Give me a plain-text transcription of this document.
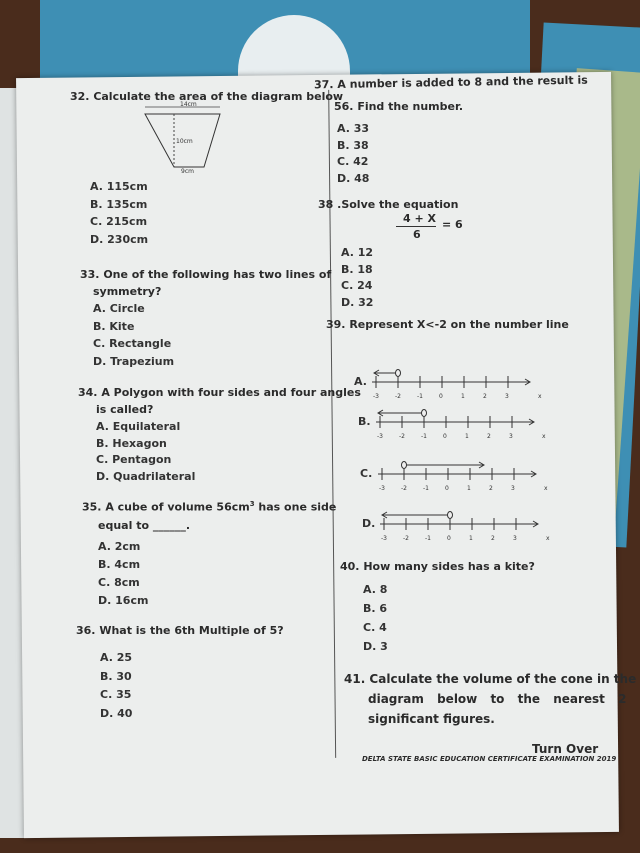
32. Calculate the area of the diagram below
14cm
10cm
9cm
33. One of the following has two lines of
symmetry?
34. A Polygon with four sides and four angles
is called?
35. A cube of volume $56cm^3$ has one side
equal to ______.
36. What is the 6th Multiple of 5?
37. A number is added to 8 and the result is
56. Find the number.
38 .Solve the equation
4 + X
6
= 6
39. Represent X<-2 on the number line
40. How many sides has a kite?
41. Calculate the volume of the cone in the
diagram below to the nearest 2
significant figures.
Turn Over
DELTA STATE BASIC EDUCATION CERTIFICATE EXAMINATION 2019
A. 115cm
B. 135cm
C. 215cm
D. 230cm
A. Circle
B. Kite
C. Rectangle
D. Trapezium
A. Equilateral
B. Hexagon
C. Pentagon
D. Quadrilateral
A. 2cm
B. 4cm
C. 8cm
D. 16cm
A. 25
B. 30
C. 35
D. 40
A. 33
B. 38
C. 42
D. 48
A. 12
B. 18
C. 24
D. 32
A. 8
B. 6
C. 4
D. 3
A.
-3	-2	-1	0	1	2	3	x
B.
-3	-2	-1	0	1	2	3	x
C.
-3	-2	-1	0	1	2	3	x
D.
-3	-2	-1	0	1	2	3	x
